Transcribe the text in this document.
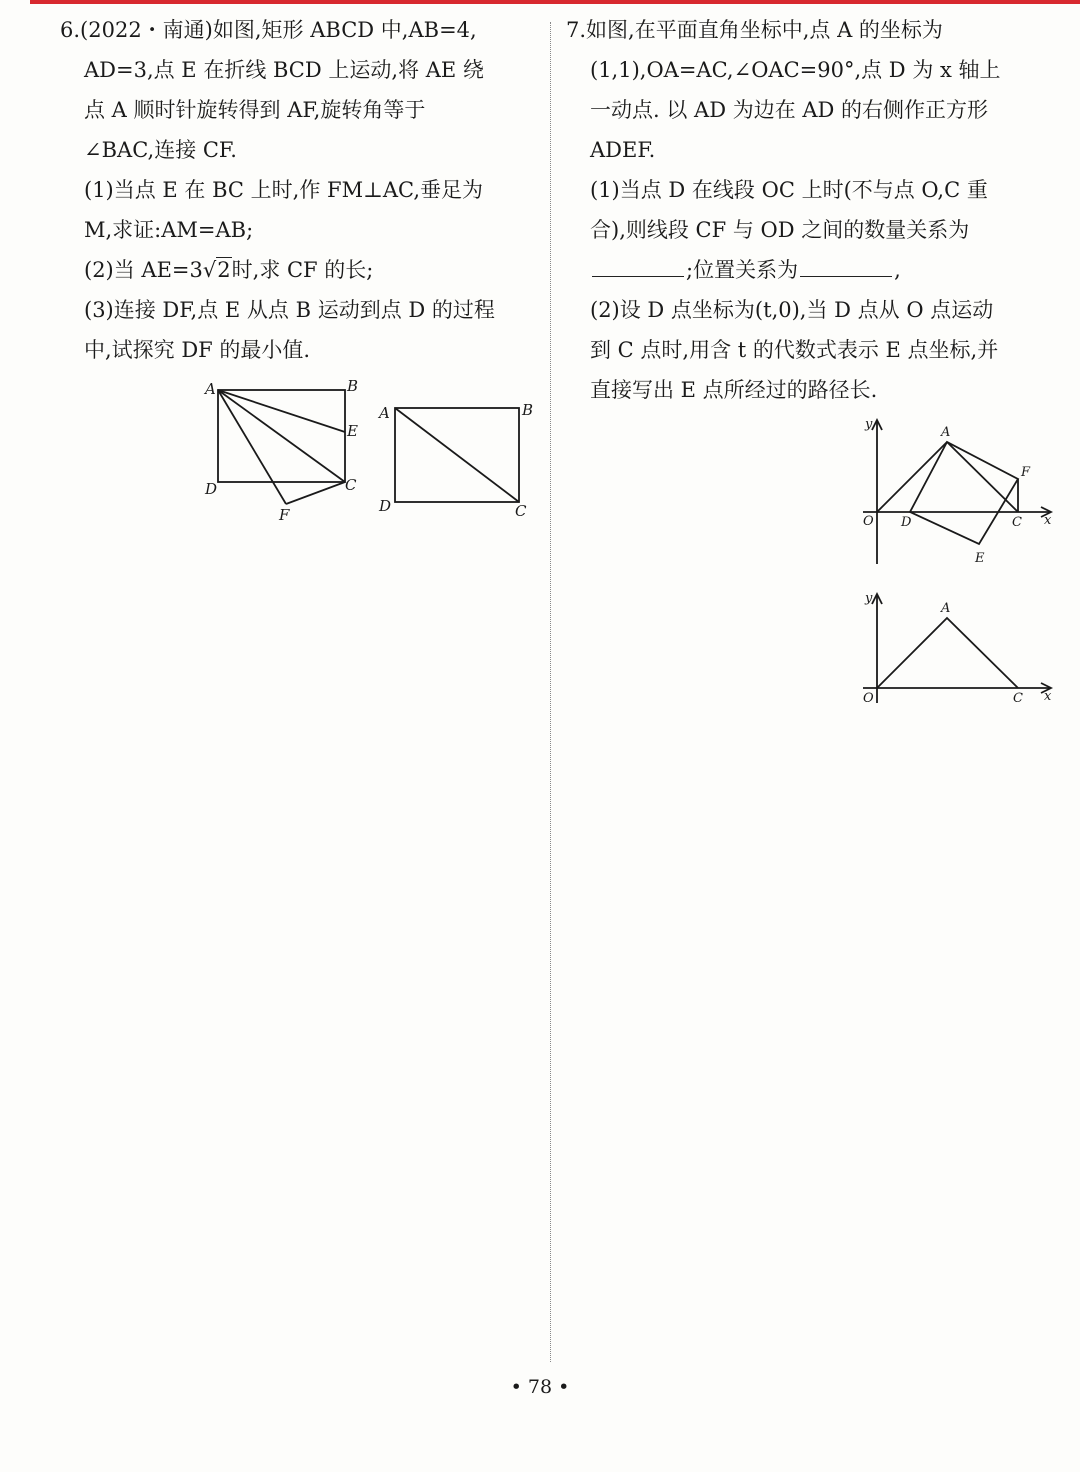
6.(2022・南通)如图,矩形 ABCD 中,AB=4,

AD=3,点 E 在折线 BCD 上运动,将 AE 绕

点 A 顺时针旋转得到 AF,旋转角等于

∠BAC,连接 CF.

(1)当点 E 在 BC 上时,作 FM⊥AC,垂足为

M,求证:AM=AB;

(2)当 AE=3√2时,求 CF 的长;

(3)连接 DF,点 E 从点 B 运动到点 D 的过程

中,试探究 DF 的最小值.

A	B
E
D	C
F
A	B
D	C

7.如图,在平面直角坐标中,点 A 的坐标为

(1,1),OA=AC,∠OAC=90°,点 D 为 x 轴上

一动点. 以 AD 为边在 AD 的右侧作正方形

ADEF.

(1)当点 D 在线段 OC 上时(不与点 O,C 重

合),则线段 CF 与 OD 之间的数量关系为

;位置关系为	,

(2)设 D 点坐标为(t,0),当 D 点从 O 点运动

到 C 点时,用含 t 的代数式表示 E 点坐标,并

直接写出 E 点所经过的路径长.

y
A
F
O D	C x
E
y
A
O	C x
• 78 •
